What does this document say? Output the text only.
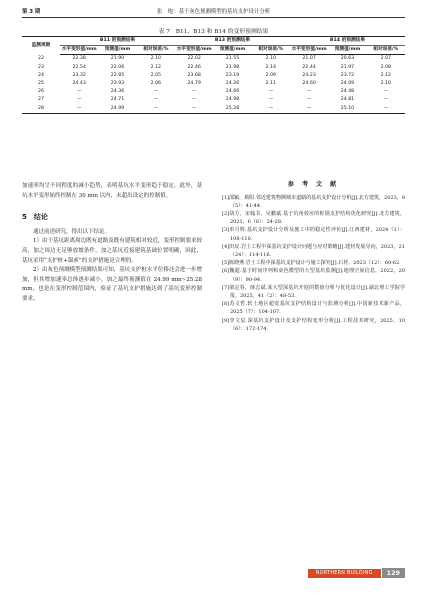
第 3 期	张　炮：基于灰色预测模型的基坑支护设计分析
表 7　B11、B13 和 B14 的变形预测结果
监测周期	B11 的预测结果			B13 的预测结果			B14 的预测结果		
	水平变形值/mm	预测值/mm	相对误差/%	水平变形值/mm	预测值/mm	相对误差/%	水平变形值/mm	预测值/mm	相对误差/%
22	22.38	21.90	2.10	22.02	21.55	2.10	21.07	20.63	2.07
23	22.54	22.06	2.12	22.46	21.98	2.14	22.44	21.97	2.08
24	23.32	22.85	2.05	23.68	23.19	2.09	24.23	23.72	2.12
25	24.43	23.93	2.06	24.79	24.26	2.11	24.60	24.09	2.10
26	—	24.36	—	—	24.66	—	—	24.48	—
27	—	24.71	—	—	24.98	—	—	24.81	—
28	—	24.99	—	—	25.28	—	—	25.10	—

加速率均呈不同程度的减小趋势，表明基坑水平变形趋于稳定。此外，基坑水平变形始终控制在 30 mm 以内，未超出设定的控制值。

5　结论

通过前述研究，得出以下结论。

1）由于基坑距离周边既有道路及既有建筑相对较近，变形控制要求较高，加之周边无足够放坡条件，加之基坑近接建筑基础位置明确，因此，基坑采用“支护桩+锚索”的支护措施是合理的。

2）由灰色预测模型预测结果可知，基坑支护桩水平位移还会进一步增加，但其增加速率总体逐步减小，加之最终预测值在 24.99 mm~25.28 mm，也是在变形控制范围内，验证了基坑支护措施达到了基坑变形控制要求。

参 考 文 献

[1]邵颖，蔡阳.邻近建筑物侧城市道路的基坑支护设计分析[J].北方建筑，2023，8（5）：41-44.

[2]胡方，宋翰书，吴鹏斌.基于坑角效应的桩锚支护结构优化研究[J].北方建筑，2021，6（6）：24-28.

[3]单月辉.基坑支护设计分析及施工中的稳定性评价[J].江西建材，2024（1）：108-110.

[4]田辰.岩土工程中深基坑支护设计问题与应对策略[J].建材发展导向，2023，21（24）：114-116.

[5]陈晓燕.岩土工程中深基坑支护设计与施工探究[J].石材，2023（12）：60-62.

[6]魏超.基于时间序列和灰色模型的大型基坑监测[J].地理空间信息，2022，20（9）：90-94.

[7]梁定春，薛志斌.某大型深基坑开挖的数值分析与优化设计[J].湖北理工学院学报，2025，41（2）：48-53.

[8]苏文哲.软土地区超宽基坑支护结构设计与监测分析[J].中国新技术新产品，2025（7）：104-107.

[9]李文辰.深基坑支护设计及支护结构变形分析[J].工程技术研究，2025，10（6）：172-174.

NORTHERN BUILDING	129
